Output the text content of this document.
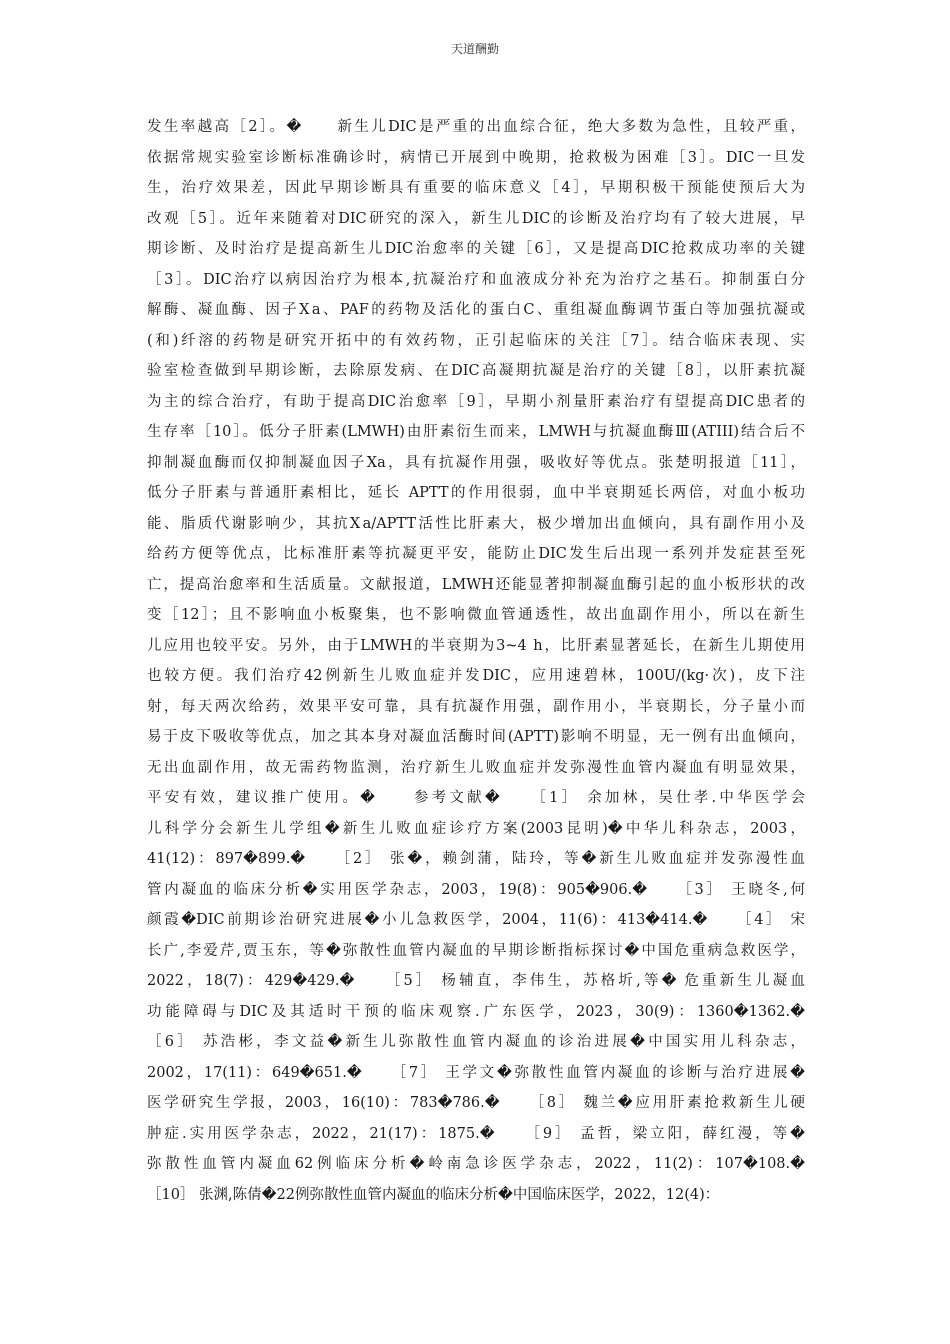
天道酬勤
发生率越高［2］。�　　新生儿DIC是严重的出血综合征，绝大多数为急性，且较严重，
依据常规实验室诊断标准确诊时，病情已开展到中晚期，抢救极为困难［3］。DIC一旦发
生，治疗效果差，因此早期诊断具有重要的临床意义［4］，早期积极干预能使预后大为
改观［5］。近年来随着对DIC研究的深入，新生儿DIC的诊断及治疗均有了较大进展，早
期诊断、及时治疗是提高新生儿DIC治愈率的关键［6］，又是提高DIC抢救成功率的关键
［3］。DIC治疗以病因治疗为根本,抗凝治疗和血液成分补充为治疗之基石。抑制蛋白分
解酶、凝血酶、因子Ⅹa、PAF的药物及活化的蛋白C、重组凝血酶调节蛋白等加强抗凝或
(和)纤溶的药物是研究开拓中的有效药物，正引起临床的关注［7］。结合临床表现、实
验室检查做到早期诊断，去除原发病、在DIC高凝期抗凝是治疗的关键［8］，以肝素抗凝
为主的综合治疗，有助于提高DIC治愈率［9］，早期小剂量肝素治疗有望提高DIC患者的
生存率［10］。低分子肝素(LMWH)由肝素衍生而来，LMWH与抗凝血酶Ⅲ(ATIII)结合后不
抑制凝血酶而仅抑制凝血因子Xa，具有抗凝作用强，吸收好等优点。张楚明报道［11］，
低分子肝素与普通肝素相比，延长 APTT的作用很弱，血中半衰期延长两倍，对血小板功
能、脂质代谢影响少，其抗Ⅹa/APTT活性比肝素大，极少增加出血倾向，具有副作用小及
给药方便等优点，比标准肝素等抗凝更平安，能防止DIC发生后出现一系列并发症甚至死
亡，提高治愈率和生活质量。文献报道，LMWH还能显著抑制凝血酶引起的血小板形状的改
变［12］；且不影响血小板聚集，也不影响微血管通透性，故出血副作用小，所以在新生
儿应用也较平安。另外，由于LMWH的半衰期为3~4 h，比肝素显著延长，在新生儿期使用
也较方便。我们治疗42例新生儿败血症并发DIC，应用速碧林，100U/(kg·次)，皮下注
射，每天两次给药，效果平安可靠，具有抗凝作用强，副作用小，半衰期长，分子量小而
易于皮下吸收等优点，加之其本身对凝血活酶时间(APTT)影响不明显，无一例有出血倾向，
无出血副作用，故无需药物监测，治疗新生儿败血症并发弥漫性血管内凝血有明显效果，
平安有效，建议推广使用。�　　参考文献�　　［1］ 余加林，吴仕孝.中华医学会
儿科学分会新生儿学组�新生儿败血症诊疗方案(2003昆明)�中华儿科杂志，2003，
41(12)：897�899.�　　［2］ 张�，赖剑蒲，陆玲，等�新生儿败血症并发弥漫性血
管内凝血的临床分析�实用医学杂志，2003，19(8)：905�906.�　　［3］ 王晓冬,何
颜霞�DIC前期诊治研究进展�小儿急救医学，2004，11(6)：413�414.�　　［4］ 宋
长广,李爱芹,贾玉东，等�弥散性血管内凝血的早期诊断指标探讨�中国危重病急救医学，
2022，18(7)：429�429.�　　［5］ 杨辅直，李伟生，苏格圻,等� 危重新生儿凝血
功能障碍与DIC及其适时干预的临床观察.广东医学，2023，30(9)：1360�1362.�
［6］ 苏浩彬，李文益�新生儿弥散性血管内凝血的诊治进展�中国实用儿科杂志，
2002，17(11)：649�651.�　　［7］ 王学文�弥散性血管内凝血的诊断与治疗进展�
医学研究生学报，2003，16(10)：783�786.�　　［8］ 魏兰�应用肝素抢救新生儿硬
肿症.实用医学杂志，2022，21(17)：1875.�　　［9］ 孟哲，梁立阳，薛红漫，等�
弥散性血管内凝血62例临床分析�岭南急诊医学杂志，2022，11(2)：107�108.�
［10］ 张渊,陈倩�22例弥散性血管内凝血的临床分析�中国临床医学，2022，12(4)：
